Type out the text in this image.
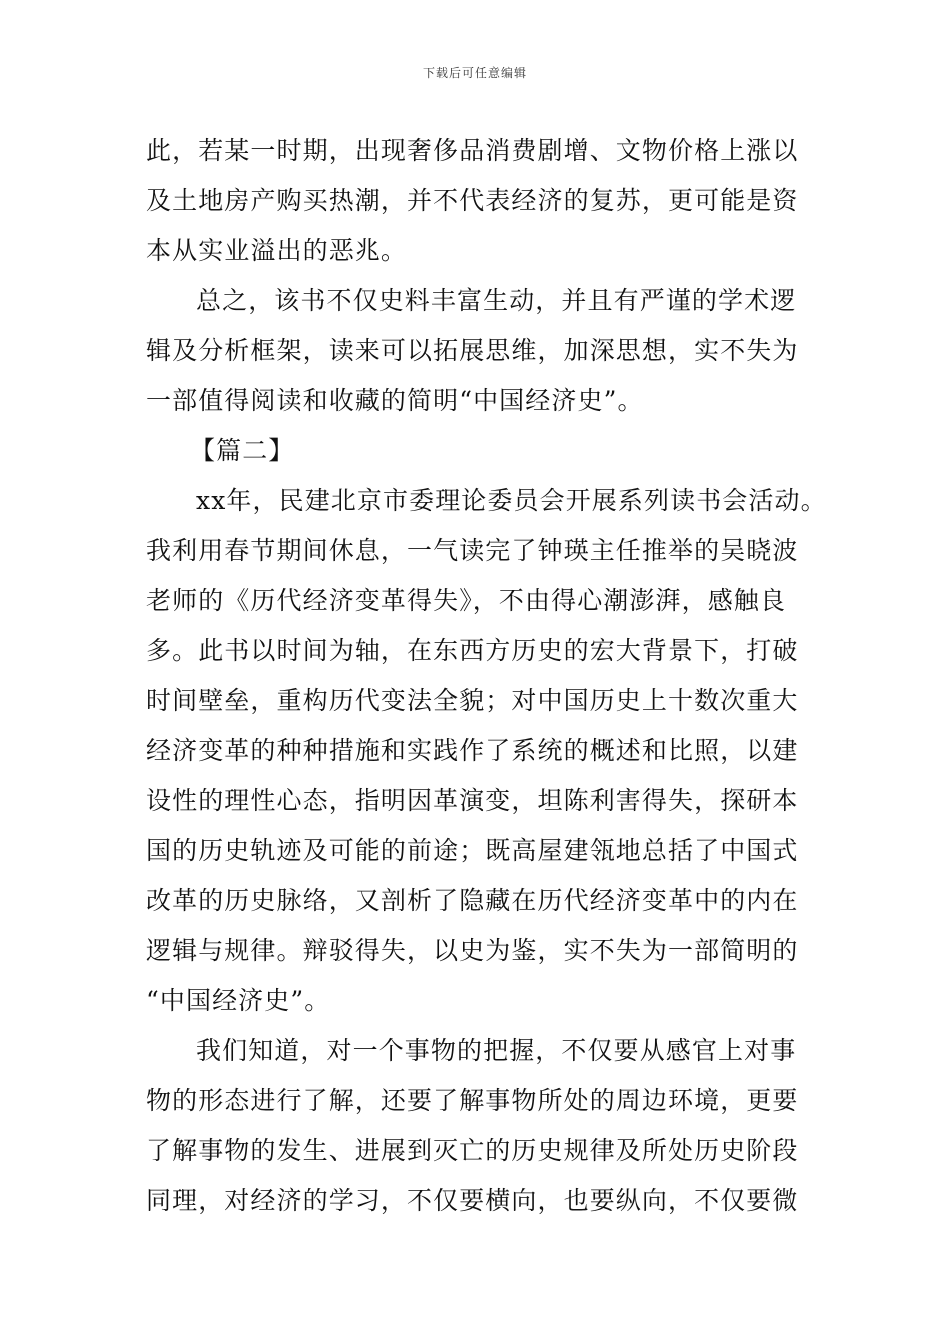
下载后可任意编辑
此，若某一时期，出现奢侈品消费剧增、文物价格上涨以
及土地房产购买热潮，并不代表经济的复苏，更可能是资
本从实业溢出的恶兆。
总之，该书不仅史料丰富生动，并且有严谨的学术逻
辑及分析框架，读来可以拓展思维，加深思想，实不失为
一部值得阅读和收藏的简明“中国经济史”。
【篇二】
xx年，民建北京市委理论委员会开展系列读书会活动。
我利用春节期间休息，一气读完了钟瑛主任推举的吴晓波
老师的《历代经济变革得失》，不由得心潮澎湃，感触良
多。此书以时间为轴，在东西方历史的宏大背景下，打破
时间壁垒，重构历代变法全貌；对中国历史上十数次重大
经济变革的种种措施和实践作了系统的概述和比照，以建
设性的理性心态，指明因革演变，坦陈利害得失，探研本
国的历史轨迹及可能的前途；既高屋建瓴地总括了中国式
改革的历史脉络，又剖析了隐藏在历代经济变革中的内在
逻辑与规律。辩驳得失，以史为鉴，实不失为一部简明的
“中国经济史”。
我们知道，对一个事物的把握，不仅要从感官上对事
物的形态进行了解，还要了解事物所处的周边环境，更要
了解事物的发生、进展到灭亡的历史规律及所处历史阶段
同理，对经济的学习，不仅要横向，也要纵向，不仅要微
